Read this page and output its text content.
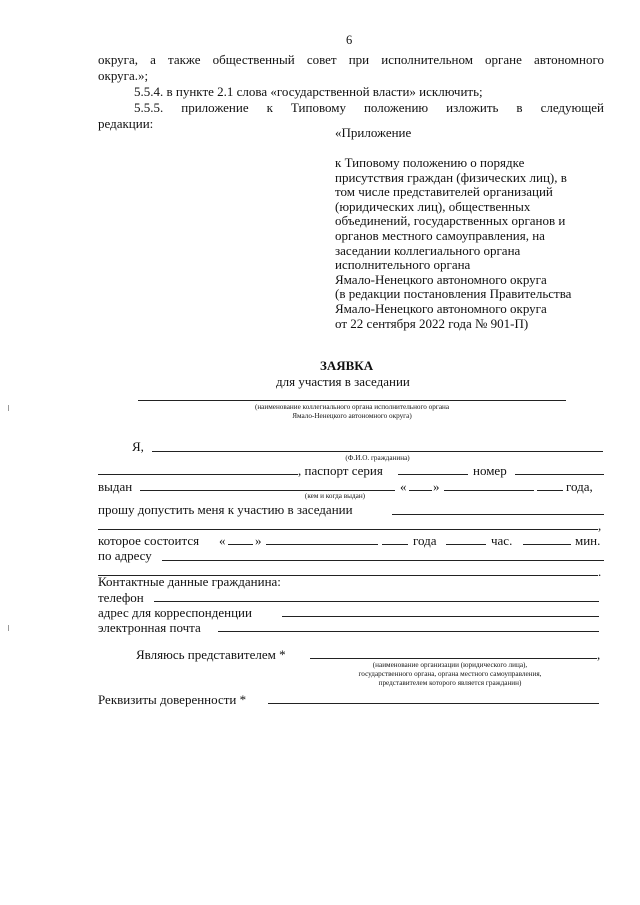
6
округа, а также общественный совет при исполнительном органе автономного
округа.»;
5.5.4. в пункте 2.1 слова «государственной власти» исключить;
5.5.5. приложение к Типовому положению изложить в следующей
редакции:
«Приложение
к Типовому положению о порядке
присутствия граждан (физических лиц), в
том числе представителей организаций
(юридических лиц), общественных
объединений, государственных органов и
органов местного самоуправления, на
заседании коллегиального органа
исполнительного органа
Ямало-Ненецкого автономного округа
(в редакции постановления Правительства
Ямало-Ненецкого автономного округа
от 22 сентября 2022 года № 901-П)
ЗАЯВКА
для участия в заседании
(наименование коллегиального органа исполнительного органа
Ямало-Ненецкого автономного округа)
Я,
(Ф.И.О. гражданина)
, паспорт серия	номер
выдан	« »	года,
(кем и когда выдан)
прошу допустить меня к участию в заседании
,
которое состоится « »	года	час.	мин.
по адресу
.
Контактные данные гражданина:
телефон
адрес для корреспонденции
электронная почта
Являюсь представителем *	,
(наименование организации (юридического лица),
государственного органа, органа местного самоуправления,
представителем которого является гражданин)
Реквизиты доверенности *
